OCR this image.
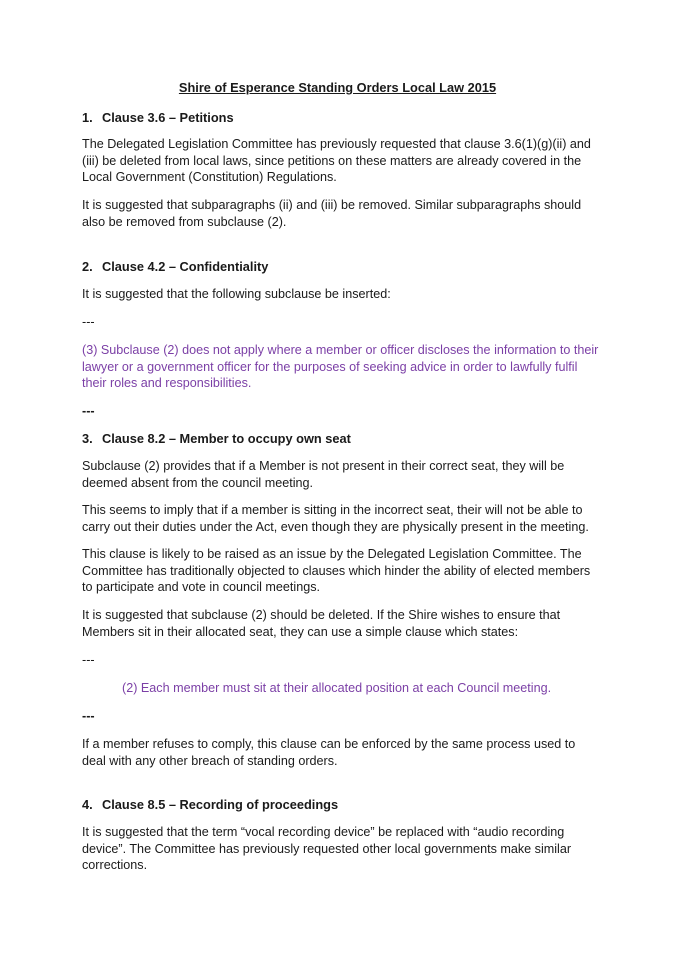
Shire of Esperance Standing Orders Local Law 2015
1. Clause 3.6 – Petitions
The Delegated Legislation Committee has previously requested that clause 3.6(1)(g)(ii) and (iii) be deleted from local laws, since petitions on these matters are already covered in the Local Government (Constitution) Regulations.
It is suggested that subparagraphs (ii) and (iii) be removed. Similar subparagraphs should also be removed from subclause (2).
2. Clause 4.2 – Confidentiality
It is suggested that the following subclause be inserted:
---
(3) Subclause (2) does not apply where a member or officer discloses the information to their lawyer or a government officer for the purposes of seeking advice in order to lawfully fulfil their roles and responsibilities.
---
3. Clause 8.2 – Member to occupy own seat
Subclause (2) provides that if a Member is not present in their correct seat, they will be deemed absent from the council meeting.
This seems to imply that if a member is sitting in the incorrect seat, their will not be able to carry out their duties under the Act, even though they are physically present in the meeting.
This clause is likely to be raised as an issue by the Delegated Legislation Committee. The Committee has traditionally objected to clauses which hinder the ability of elected members to participate and vote in council meetings.
It is suggested that subclause (2) should be deleted. If the Shire wishes to ensure that Members sit in their allocated seat, they can use a simple clause which states:
---
(2) Each member must sit at their allocated position at each Council meeting.
---
If a member refuses to comply, this clause can be enforced by the same process used to deal with any other breach of standing orders.
4. Clause 8.5 – Recording of proceedings
It is suggested that the term “vocal recording device” be replaced with “audio recording device”. The Committee has previously requested other local governments make similar corrections.
